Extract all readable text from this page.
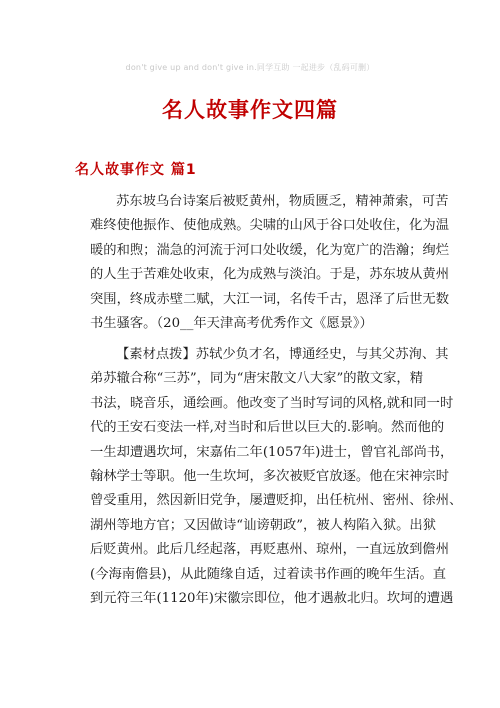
don't give up and don't give in.同学互助 一起进步（乱码可删）
名人故事作文四篇
名人故事作文 篇1
苏东坡乌台诗案后被贬黄州，物质匮乏，精神萧索，可苦
难终使他振作、使他成熟。尖啸的山风于谷口处收住，化为温
暖的和煦；湍急的河流于河口处收缓，化为宽广的浩瀚；绚烂
的人生于苦难处收束，化为成熟与淡泊。于是，苏东坡从黄州
突围，终成赤壁二赋，大江一词，名传千古，恩泽了后世无数
书生骚客。（20__年天津高考优秀作文《愿景》）
【素材点拨】苏轼少负才名，博通经史，与其父苏洵、其
弟苏辙合称“三苏”，同为“唐宋散文八大家”的散文家，精
书法，晓音乐，通绘画。他改变了当时写词的风格,就和同一时
代的王安石变法一样,对当时和后世以巨大的.影响。然而他的
一生却遭遇坎坷，宋嘉佑二年(1057年)进士，曾官礼部尚书，
翰林学士等职。他一生坎坷，多次被贬官放逐。他在宋神宗时
曾受重用，然因新旧党争，屡遭贬抑，出任杭州、密州、徐州、
湖州等地方官；又因做诗“讪谤朝政”，被人构陷入狱。出狱
后贬黄州。此后几经起落，再贬惠州、琼州，一直远放到儋州
(今海南儋县)，从此随缘自适，过着读书作画的晚年生活。直
到元符三年(1120年)宋徽宗即位，他才遇赦北归。坎坷的遭遇
